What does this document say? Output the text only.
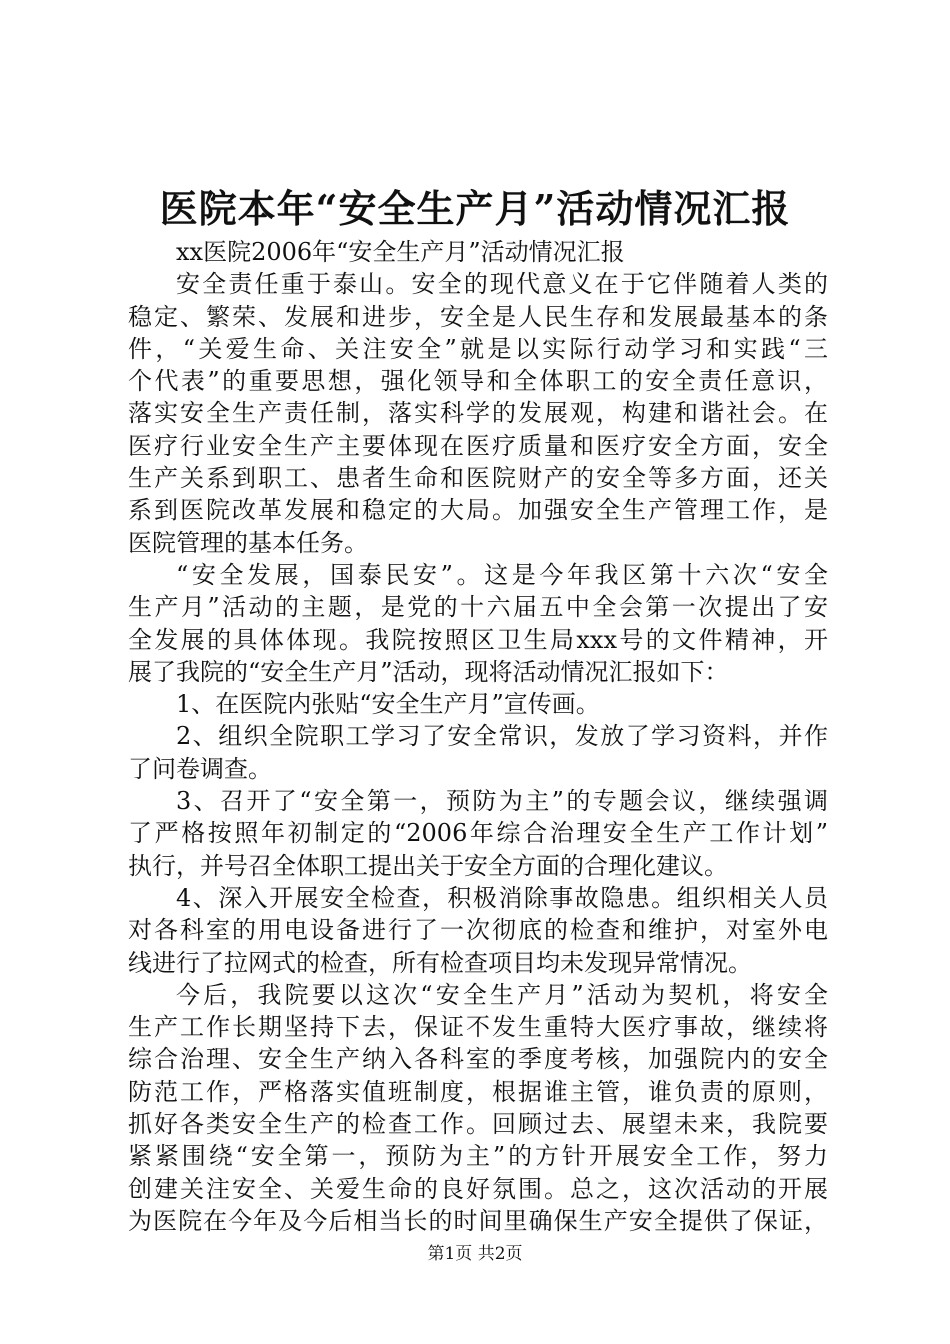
医院本年“安全生产月”活动情况汇报
xx医院2006年“安全生产月”活动情况汇报
安全责任重于泰山。安全的现代意义在于它伴随着人类的
稳定、繁荣、发展和进步，安全是人民生存和发展最基本的条
件，“关爱生命、关注安全”就是以实际行动学习和实践“三
个代表”的重要思想，强化领导和全体职工的安全责任意识，
落实安全生产责任制，落实科学的发展观，构建和谐社会。在
医疗行业安全生产主要体现在医疗质量和医疗安全方面，安全
生产关系到职工、患者生命和医院财产的安全等多方面，还关
系到医院改革发展和稳定的大局。加强安全生产管理工作，是
医院管理的基本任务。
“安全发展，国泰民安”。这是今年我区第十六次“安全
生产月”活动的主题，是党的十六届五中全会第一次提出了安
全发展的具体体现。我院按照区卫生局xxx号的文件精神，开
展了我院的“安全生产月”活动，现将活动情况汇报如下：
1、在医院内张贴“安全生产月”宣传画。
2、组织全院职工学习了安全常识，发放了学习资料，并作
了问卷调查。
3、召开了“安全第一，预防为主”的专题会议，继续强调
了严格按照年初制定的“2006年综合治理安全生产工作计划”
执行，并号召全体职工提出关于安全方面的合理化建议。
4、深入开展安全检查，积极消除事故隐患。组织相关人员
对各科室的用电设备进行了一次彻底的检查和维护，对室外电
线进行了拉网式的检查，所有检查项目均未发现异常情况。
今后，我院要以这次“安全生产月”活动为契机，将安全
生产工作长期坚持下去，保证不发生重特大医疗事故，继续将
综合治理、安全生产纳入各科室的季度考核，加强院内的安全
防范工作，严格落实值班制度，根据谁主管，谁负责的原则，
抓好各类安全生产的检查工作。回顾过去、展望未来，我院要
紧紧围绕“安全第一，预防为主”的方针开展安全工作，努力
创建关注安全、关爱生命的良好氛围。总之，这次活动的开展
为医院在今年及今后相当长的时间里确保生产安全提供了保证，
第1页 共2页
